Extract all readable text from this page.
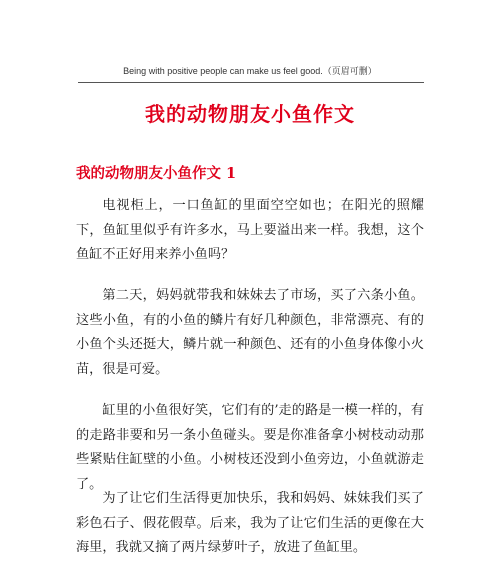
Being with positive people can make us feel good.（页眉可删）
我的动物朋友小鱼作文
我的动物朋友小鱼作文 1

电视柜上，一口鱼缸的里面空空如也；在阳光的照耀下，鱼缸里似乎有许多水，马上要溢出来一样。我想，这个鱼缸不正好用来养小鱼吗？

第二天，妈妈就带我和妹妹去了市场，买了六条小鱼。这些小鱼，有的小鱼的鳞片有好几种颜色，非常漂亮、有的小鱼个头还挺大，鳞片就一种颜色、还有的小鱼身体像小火苗，很是可爱。

缸里的小鱼很好笑，它们有的’走的路是一模一样的，有的走路非要和另一条小鱼碰头。要是你准备拿小树枝动动那些紧贴住缸壁的小鱼。小树枝还没到小鱼旁边，小鱼就游走了。

为了让它们生活得更加快乐，我和妈妈、妹妹我们买了彩色石子、假花假草。后来，我为了让它们生活的更像在大海里，我就又摘了两片绿萝叶子，放进了鱼缸里。
